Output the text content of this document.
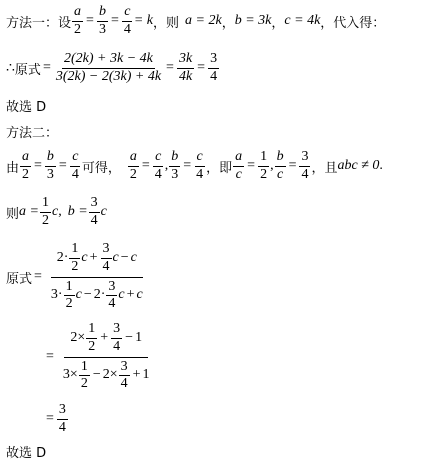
方法一： 设 $\frac{a}{2} = \frac{b}{3} = \frac{c}{4} = k$ ，则 a = 2k ， b = 3k ， c = 4k ，代入得：
∴ 原式 = $\frac{2(2k) + 3k - 4k}{3(2k) - 2(3k) + 4k} = \frac{3k}{4k} = \frac{3}{4}$
故选 D
方法二：
由 $\frac{a}{2} = \frac{b}{3} = \frac{c}{4}$ 可得， $\frac{a}{2} = \frac{c}{4}$ , $\frac{b}{3} = \frac{c}{4}$ ，即 $\frac{a}{c} = \frac{1}{2}$ , $\frac{b}{c} = \frac{3}{4}$ ，且 abc ≠ 0 .
则 $a = \frac{1}{2}$ c , $b = \frac{3}{4}$ c
原式 = $\frac{2\cdot \frac{1}{2} c + \frac{3}{4} c - c}{3\cdot \frac{1}{2} c - 2\cdot \frac{3}{4} c + c}$
= $\frac{2\times \frac{1}{2} + \frac{3}{4} - 1}{3\times \frac{1}{2} - 2\times \frac{3}{4} + 1}$
= $\frac{3}{4}$
故选 D
